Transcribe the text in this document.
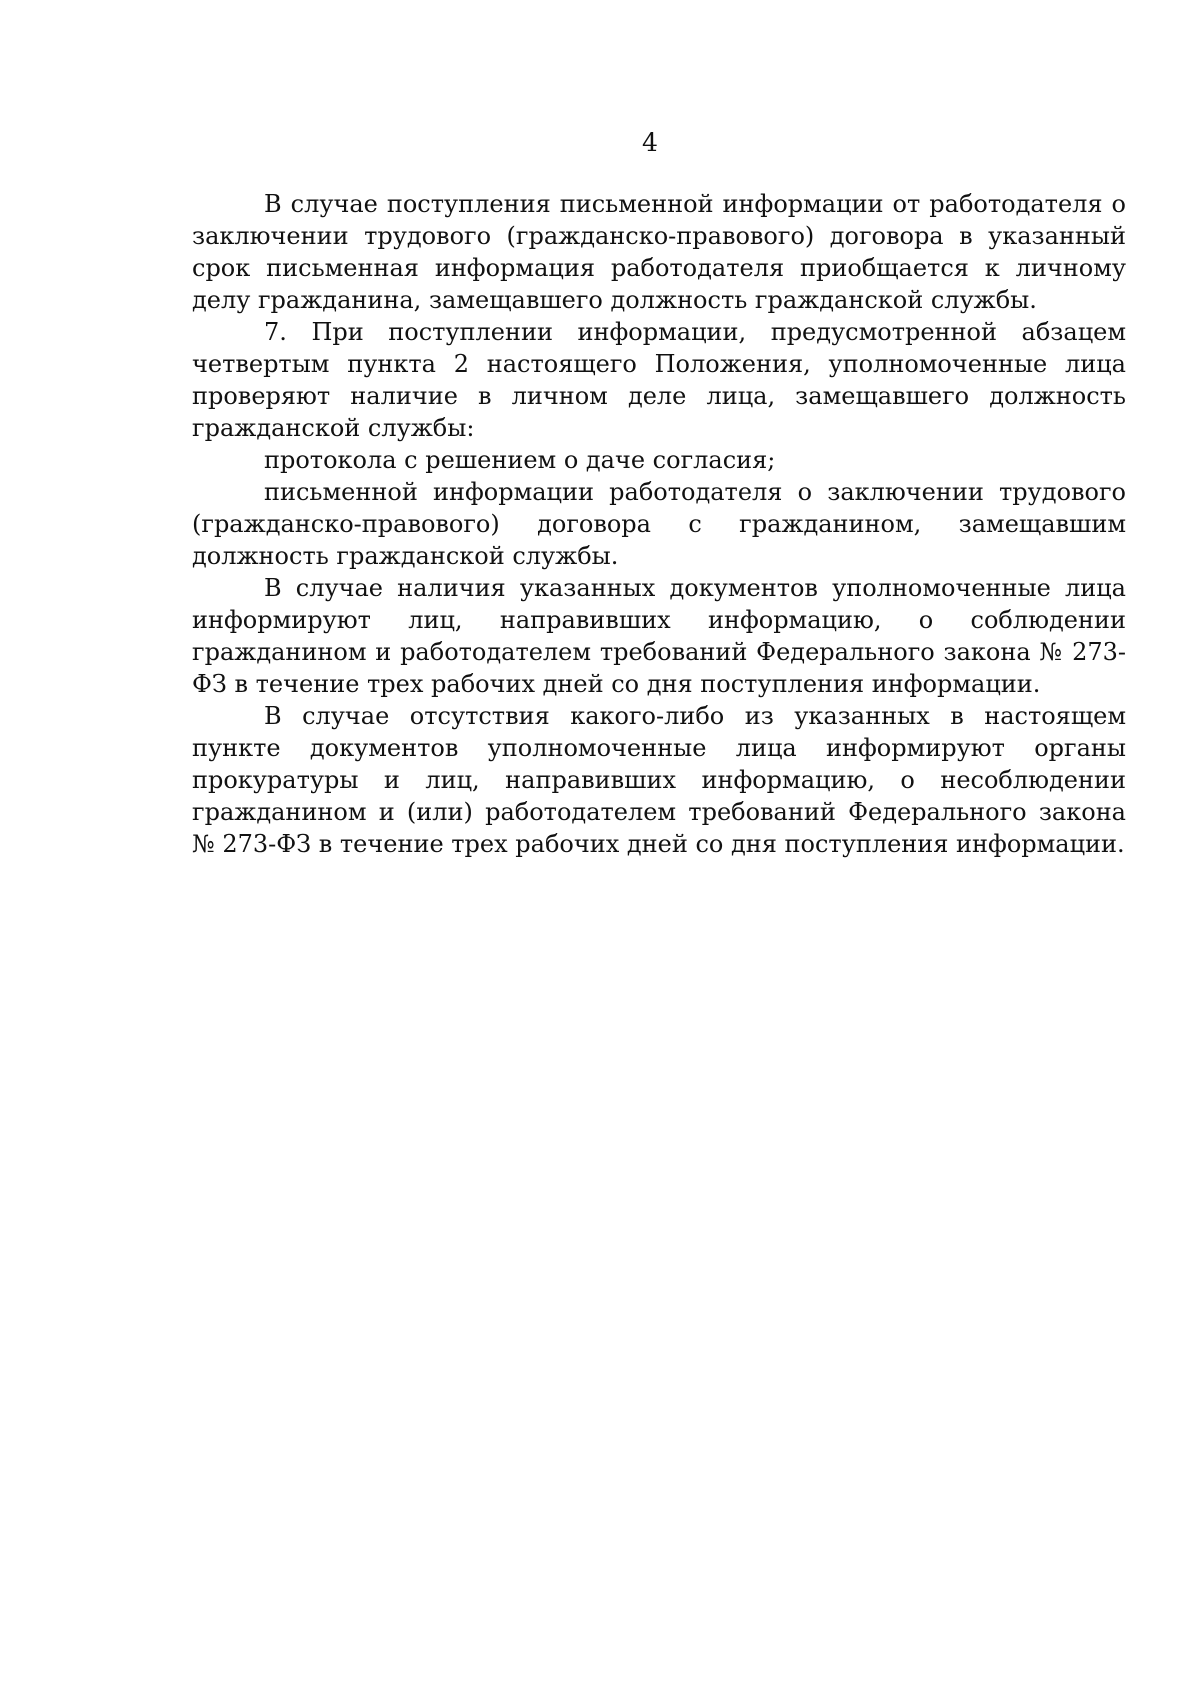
4

В случае поступления письменной информации от работодателя о заключении трудового (гражданско-правового) договора в указанный срок письменная информация работодателя приобщается к личному делу гражданина, замещавшего должность гражданской службы.

7. При поступлении информации, предусмотренной абзацем четвертым пункта 2 настоящего Положения, уполномоченные лица проверяют наличие в личном деле лица, замещавшего должность гражданской службы:

протокола с решением о даче согласия;

письменной информации работодателя о заключении трудового (гражданско-правового) договора с гражданином, замещавшим должность гражданской службы.

В случае наличия указанных документов уполномоченные лица информируют лиц, направивших информацию, о соблюдении гражданином и работодателем требований Федерального закона № 273-ФЗ в течение трех рабочих дней со дня поступления информации.

В случае отсутствия какого-либо из указанных в настоящем пункте документов уполномоченные лица информируют органы прокуратуры и лиц, направивших информацию, о несоблюдении гражданином и (или) работодателем требований Федерального закона № 273-ФЗ в течение трех рабочих дней со дня поступления информации.
